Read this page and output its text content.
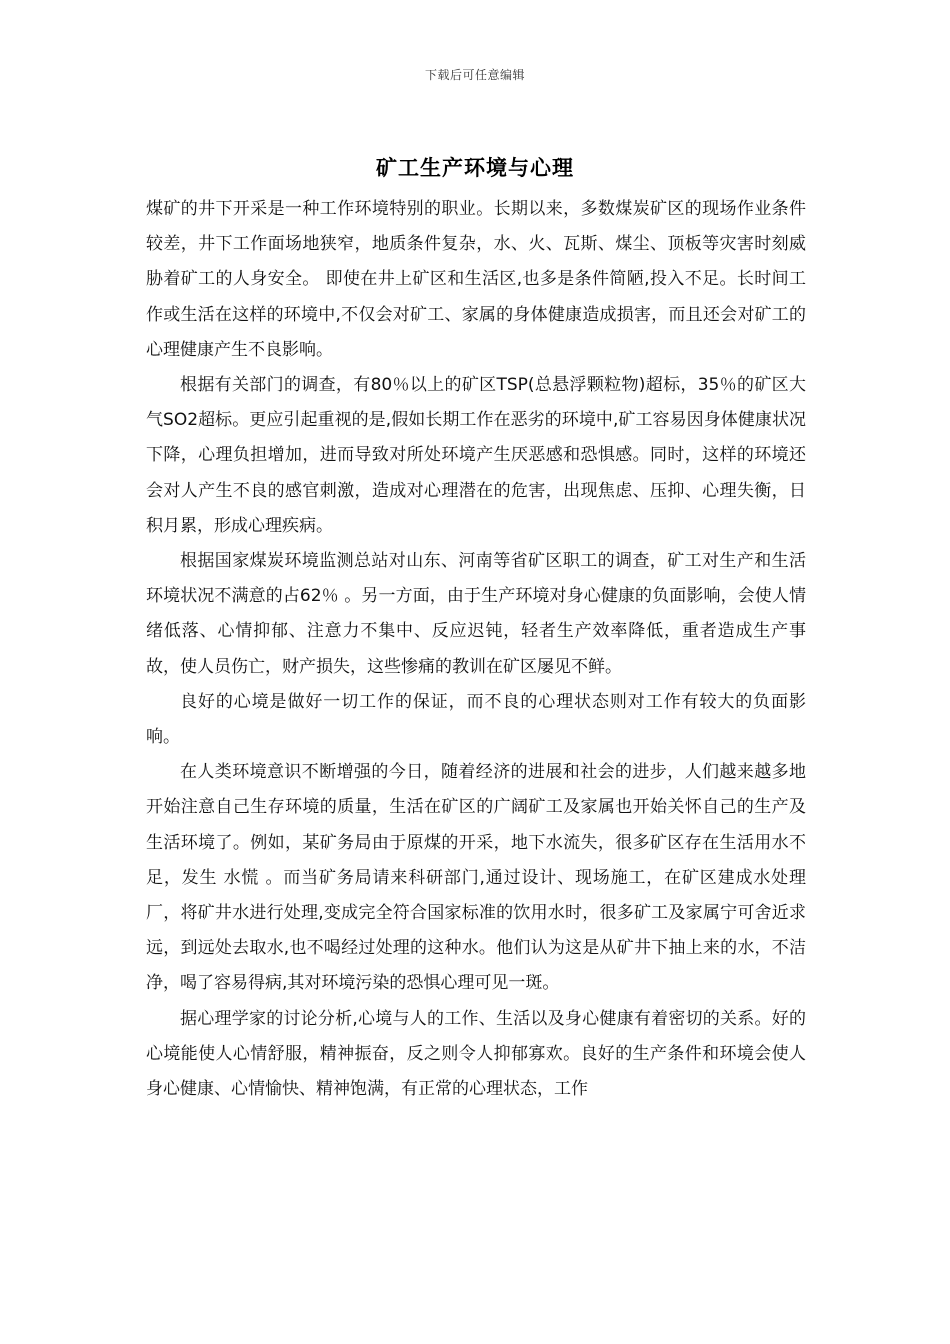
下载后可任意编辑
矿工生产环境与心理

煤矿的井下开采是一种工作环境特别的职业。长期以来，多数煤炭矿区的现场作业条件较差，井下工作面场地狭窄，地质条件复杂，水、火、瓦斯、煤尘、顶板等灾害时刻威胁着矿工的人身安全。 即使在井上矿区和生活区,也多是条件简陋,投入不足。长时间工作或生活在这样的环境中,不仅会对矿工、家属的身体健康造成损害，而且还会对矿工的心理健康产生不良影响。

根据有关部门的调查，有80％以上的矿区TSP(总悬浮颗粒物)超标，35％的矿区大气SO2超标。更应引起重视的是,假如长期工作在恶劣的环境中,矿工容易因身体健康状况下降，心理负担增加，进而导致对所处环境产生厌恶感和恐惧感。同时，这样的环境还会对人产生不良的感官刺激，造成对心理潜在的危害，出现焦虑、压抑、心理失衡，日积月累，形成心理疾病。

根据国家煤炭环境监测总站对山东、河南等省矿区职工的调查，矿工对生产和生活环境状况不满意的占62％ 。另一方面，由于生产环境对身心健康的负面影响，会使人情绪低落、心情抑郁、注意力不集中、反应迟钝，轻者生产效率降低，重者造成生产事故，使人员伤亡，财产损失，这些惨痛的教训在矿区屡见不鲜。

良好的心境是做好一切工作的保证，而不良的心理状态则对工作有较大的负面影响。

在人类环境意识不断增强的今日，随着经济的进展和社会的进步，人们越来越多地开始注意自己生存环境的质量，生活在矿区的广阔矿工及家属也开始关怀自己的生产及生活环境了。例如，某矿务局由于原煤的开采，地下水流失，很多矿区存在生活用水不足，发生 水慌 。而当矿务局请来科研部门,通过设计、现场施工，在矿区建成水处理厂，将矿井水进行处理,变成完全符合国家标准的饮用水时，很多矿工及家属宁可舍近求远，到远处去取水,也不喝经过处理的这种水。他们认为这是从矿井下抽上来的水，不洁净，喝了容易得病,其对环境污染的恐惧心理可见一斑。

据心理学家的讨论分析,心境与人的工作、生活以及身心健康有着密切的关系。好的心境能使人心情舒服，精神振奋，反之则令人抑郁寡欢。良好的生产条件和环境会使人身心健康、心情愉快、精神饱满，有正常的心理状态，工作
